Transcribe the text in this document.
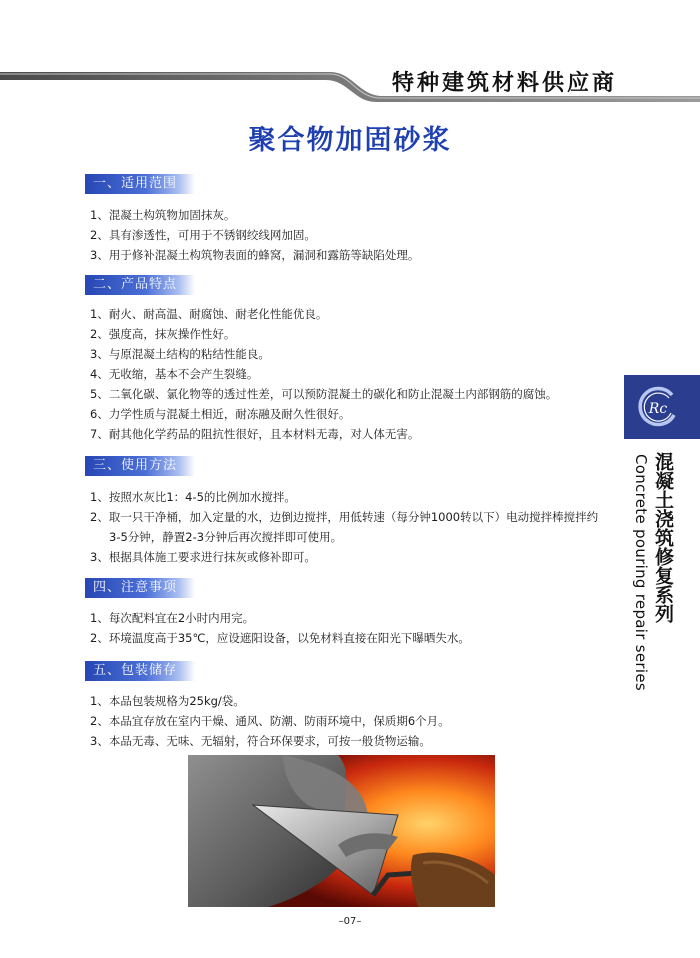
特种建筑材料供应商
聚合物加固砂浆
一、适用范围
1、混凝土构筑物加固抹灰。
2、具有渗透性，可用于不锈钢绞线网加固。
3、用于修补混凝土构筑物表面的蜂窝，漏洞和露筋等缺陷处理。
二、产品特点
1、耐火、耐高温、耐腐蚀、耐老化性能优良。
2、强度高，抹灰操作性好。
3、与原混凝土结构的粘结性能良。
4、无收缩，基本不会产生裂缝。
5、二氧化碳、氯化物等的透过性差，可以预防混凝土的碳化和防止混凝土内部钢筋的腐蚀。
6、力学性质与混凝土相近，耐冻融及耐久性很好。
7、耐其他化学药品的阻抗性很好，且本材料无毒，对人体无害。
三、使用方法
1、按照水灰比1：4-5的比例加水搅拌。
2、取一只干净桶，加入定量的水，边倒边搅拌，用低转速（每分钟1000转以下）电动搅拌棒搅拌约
3-5分钟，静置2-3分钟后再次搅拌即可使用。
3、根据具体施工要求进行抹灰或修补即可。
四、注意事项
1、每次配料宜在2小时内用完。
2、环境温度高于35℃，应设遮阳设备，以免材料直接在阳光下曝晒失水。
五、包装储存
1、本品包装规格为25kg/袋。
2、本品宜存放在室内干燥、通风、防潮、防雨环境中，保质期6个月。
3、本品无毒、无味、无辐射，符合环保要求，可按一般货物运输。
Rc
混凝土浇筑修复系列
Concrete pouring repair series
–07–
